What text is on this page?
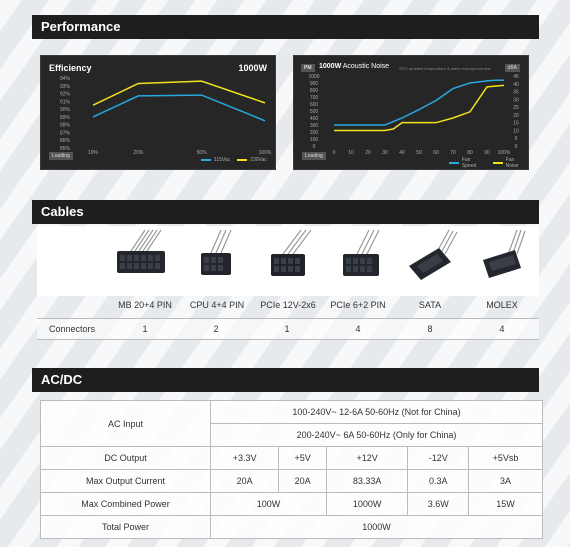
Performance
Efficiency	1000W
94%
93%
92%
91%
90%
89%
88%
87%
86%
85%
10%	20%	50%	100%
Loading
115Vac	230Vac
PM	1000W Acoustic Noise 25°C ambient temperature & meter microphone test	dBA
1000
900
800
700
600
500
400
300
200
100
0
45
40
35
30
25
20
15
10
5
0
0	10 20 30 40 50 60 70 80 90 100%
Loading
Fan Speed
Fan Noise
Cables
MB 20+4 PIN	CPU 4+4 PIN	PCIe 12V-2x6	PCIe 6+2 PIN	SATA	MOLEX
Connectors	1	2	1	4	8	4
AC/DC
AC Input	100-240V~ 12-6A 50-60Hz (Not for China)				
	200-240V~ 6A 50-60Hz (Only for China)				
DC Output	+3.3V	+5V	+12V	-12V	+5Vsb
Max Output Current	20A	20A	83.33A	0.3A	3A
Max Combined Power	100W		1000W	3.6W	15W
Total Power	1000W				
